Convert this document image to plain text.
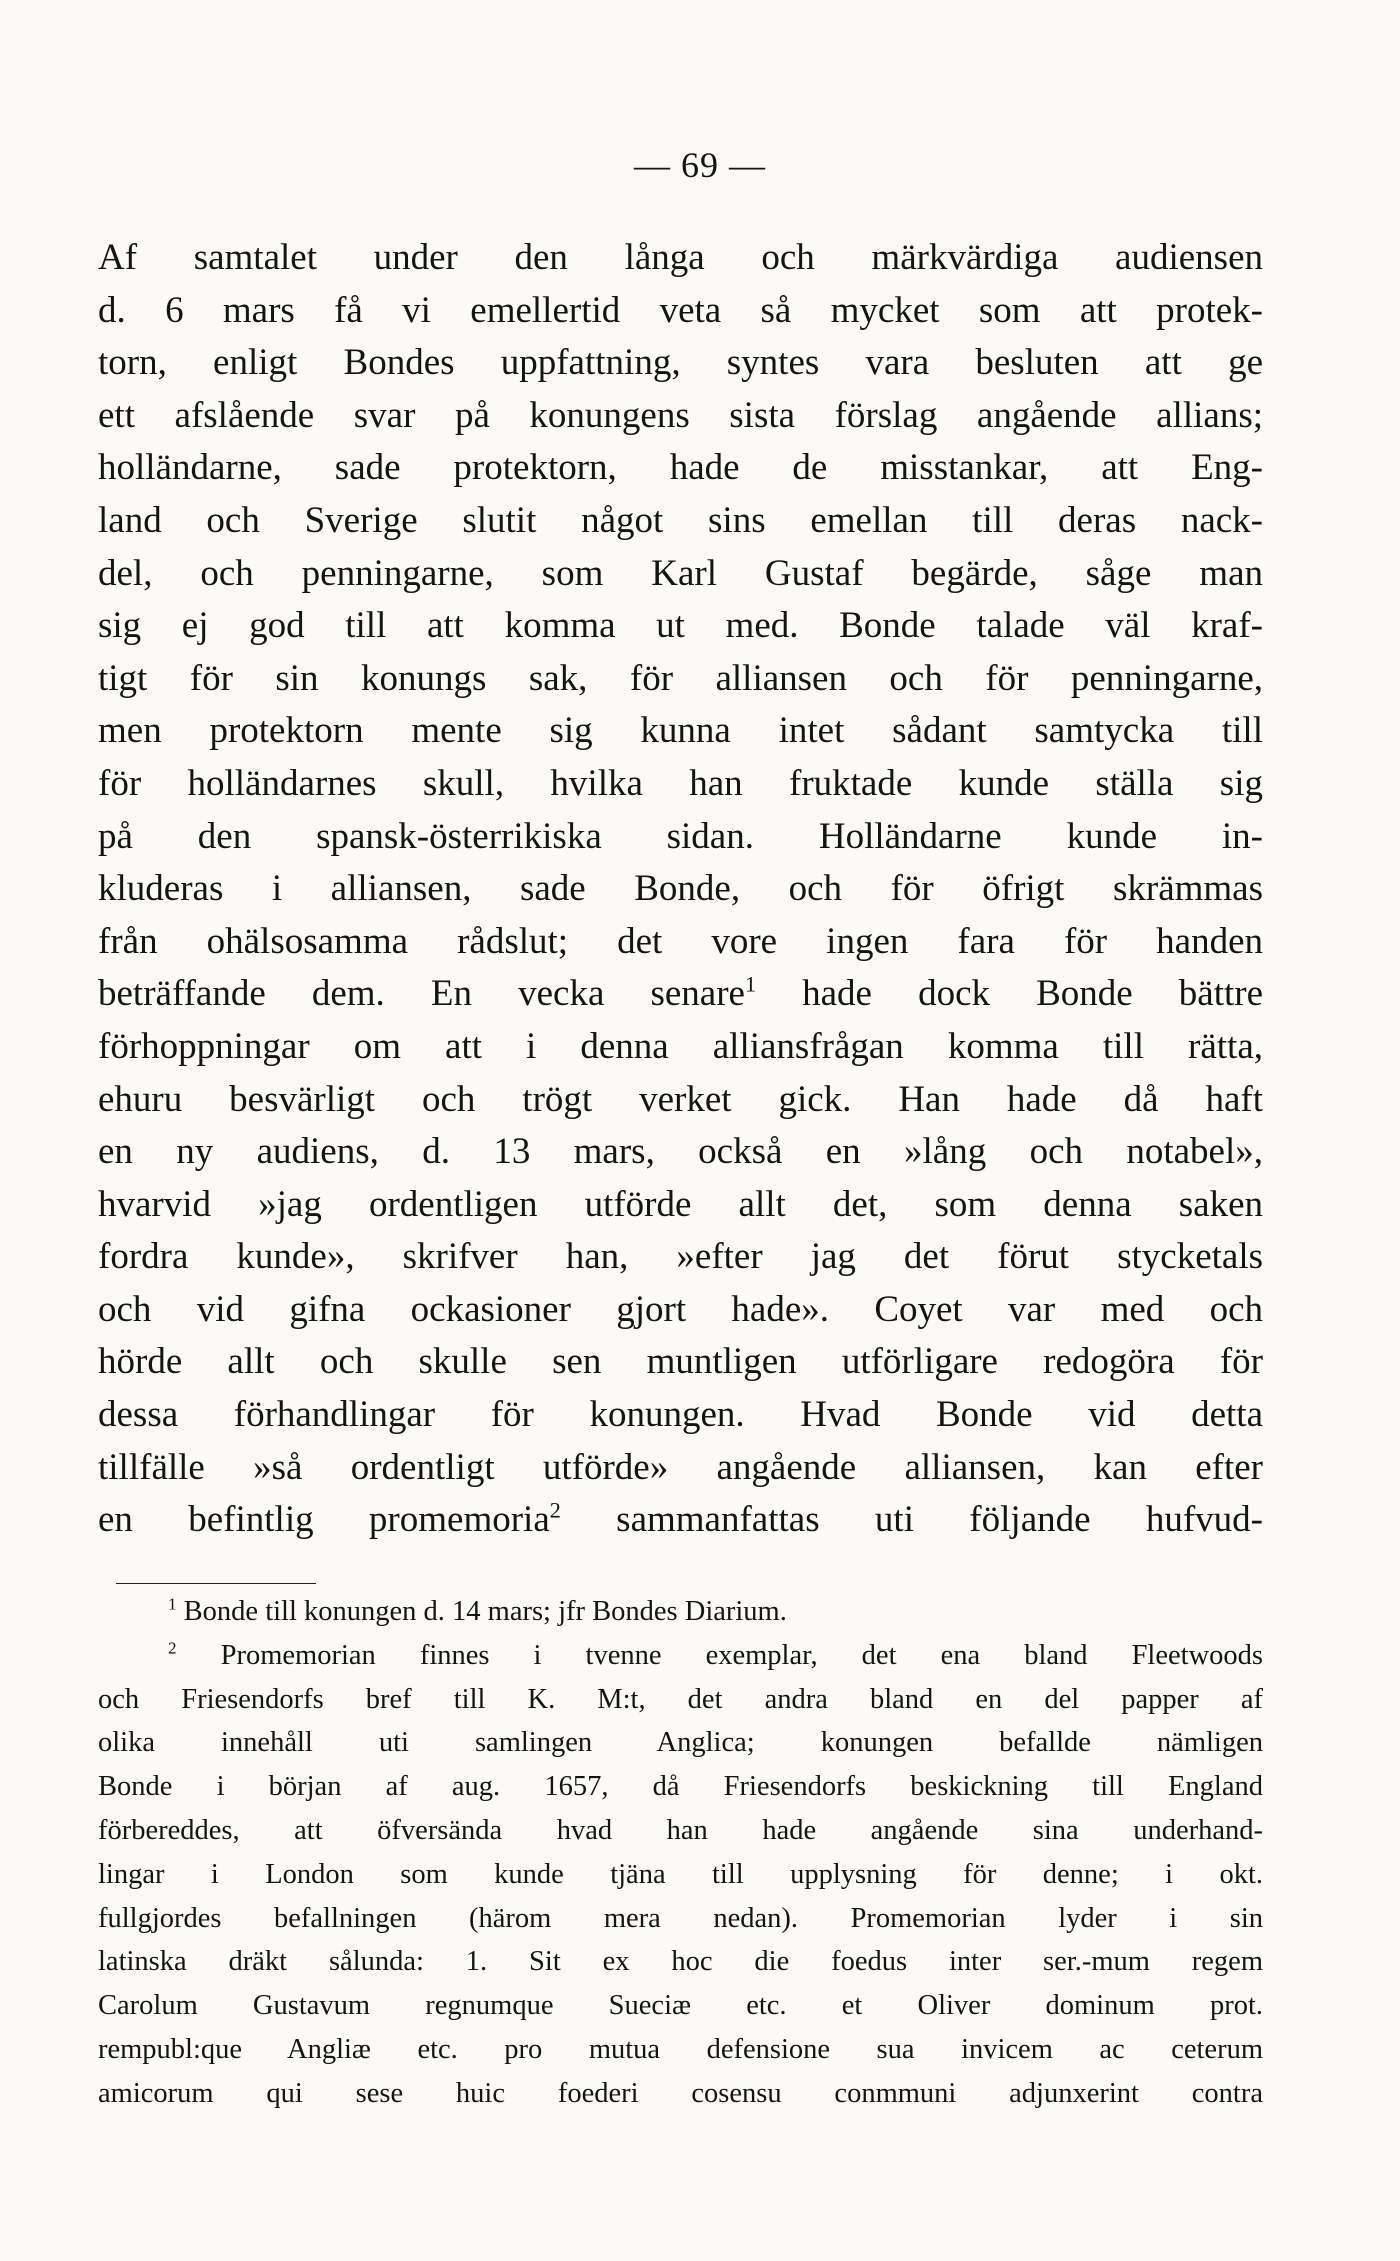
— 69 —
Af samtalet under den långa och märkvärdiga audiensen
d. 6 mars få vi emellertid veta så mycket som att protek-
torn, enligt Bondes uppfattning, syntes vara besluten att ge
ett afslående svar på konungens sista förslag angående allians;
holländarne, sade protektorn, hade de misstankar, att Eng-
land och Sverige slutit något sins emellan till deras nack-
del, och penningarne, som Karl Gustaf begärde, såge man
sig ej god till att komma ut med. Bonde talade väl kraf-
tigt för sin konungs sak, för alliansen och för penningarne,
men protektorn mente sig kunna intet sådant samtycka till
för holländarnes skull, hvilka han fruktade kunde ställa sig
på den spansk-österrikiska sidan. Holländarne kunde in-
kluderas i alliansen, sade Bonde, och för öfrigt skrämmas
från ohälsosamma rådslut; det vore ingen fara för handen
beträffande dem. En vecka senare$^1$ hade dock Bonde bättre
förhoppningar om att i denna alliansfrågan komma till rätta,
ehuru besvärligt och trögt verket gick. Han hade då haft
en ny audiens, d. 13 mars, också en »lång och notabel»,
hvarvid »jag ordentligen utförde allt det, som denna saken
fordra kunde», skrifver han, »efter jag det förut stycketals
och vid gifna ockasioner gjort hade». Coyet var med och
hörde allt och skulle sen muntligen utförligare redogöra för
dessa förhandlingar för konungen. Hvad Bonde vid detta
tillfälle »så ordentligt utförde» angående alliansen, kan efter
en befintlig promemoria$^2$ sammanfattas uti följande hufvud-
$^1$ Bonde till konungen d. 14 mars; jfr Bondes Diarium.
$^2$ Promemorian finnes i tvenne exemplar, det ena bland Fleetwoods
och Friesendorfs bref till K. M:t, det andra bland en del papper af
olika innehåll uti samlingen Anglica; konungen befallde nämligen
Bonde i början af aug. 1657, då Friesendorfs beskickning till England
förbereddes, att öfversända hvad han hade angående sina underhand-
lingar i London som kunde tjäna till upplysning för denne; i okt.
fullgjordes befallningen (härom mera nedan). Promemorian lyder i sin
latinska dräkt sålunda: 1. Sit ex hoc die foedus inter ser.-mum regem
Carolum Gustavum regnumque Sueciæ etc. et Oliver dominum prot.
rempubl:que Angliæ etc. pro mutua defensione sua invicem ac ceterum
amicorum qui sese huic foederi cosensu conmmuni adjunxerint contra
